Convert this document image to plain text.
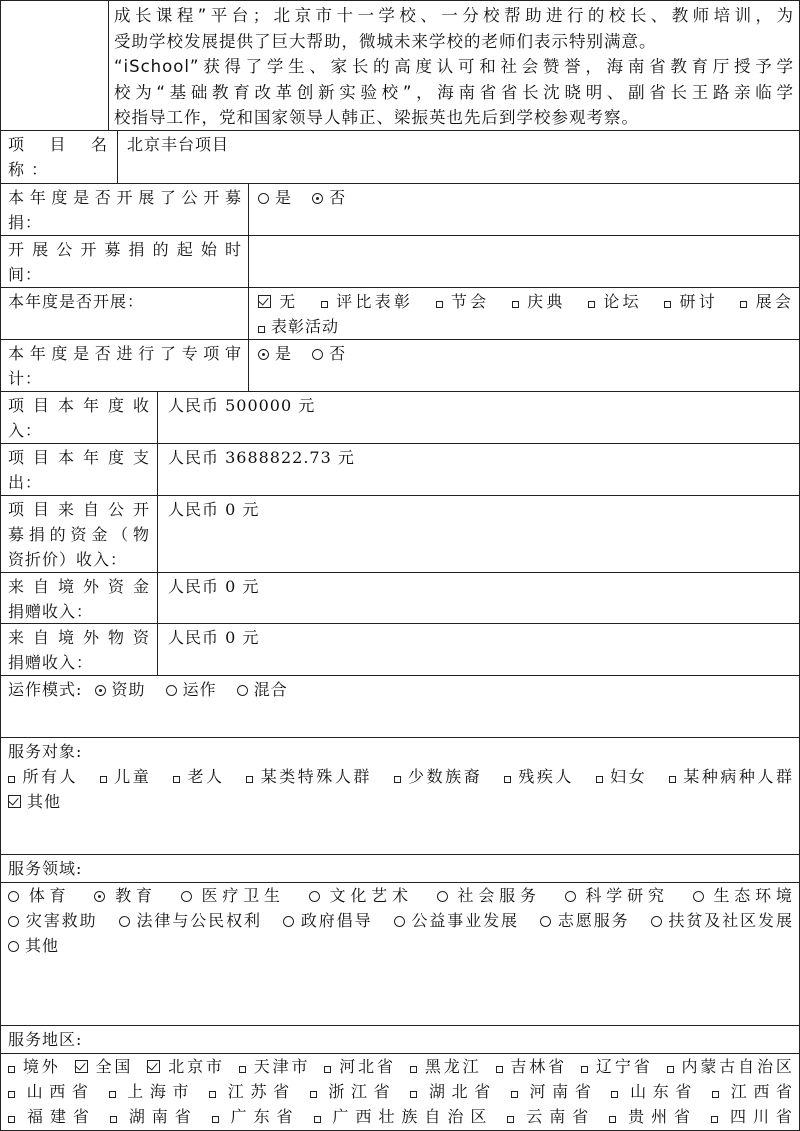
成长课程”平台；北京市十一学校、一分校帮助进行的校长、教师培训，为
受助学校发展提供了巨大帮助，微城未来学校的老师们表示特别满意。
“iSchool”获得了学生、家长的高度认可和社会赞誉，海南省教育厅授予学
校为“基础教育改革创新实验校”，海南省省长沈晓明、副省长王路亲临学
校指导工作，党和国家领导人韩正、梁振英也先后到学校参观考察。
项 目 名
称 ：
北京丰台项目
本年度是否开展了公开募
捐：
是 否
开展公开募捐的起始时
间：
本年度是否开展：	无 评比表彰 节会 庆典 论坛 研讨 展会
表彰活动
本年度是否进行了专项审
计：
是 否
项目本年度收
入：
人民币 500000 元
项目本年度支
出：
人民币 3688822.73 元
项目来自公开
募捐的资金（物
资折价）收入：
人民币 0 元
来自境外资金
捐赠收入：
人民币 0 元
来自境外物资
捐赠收入：
人民币 0 元
运作模式: 资助 运作 混合
服务对象:
所有人 儿童 老人 某类特殊人群 少数族裔 残疾人 妇女 某种病种人群
其他
服务领域:
体育	教育	医疗卫生	文化艺术	社会服务	科学研究	生态环境
灾害救助 法律与公民权利 政府倡导 公益事业发展 志愿服务 扶贫及社区发展
其他
服务地区:
境外 全国 北京市 天津市 河北省 黑龙江 吉林省 辽宁省 内蒙古自治区
山西省 上海市 江苏省 浙江省 湖北省 河南省 山东省 江西省
福建省 湖南省 广东省 广西壮族自治区 云南省 贵州省 四川省
